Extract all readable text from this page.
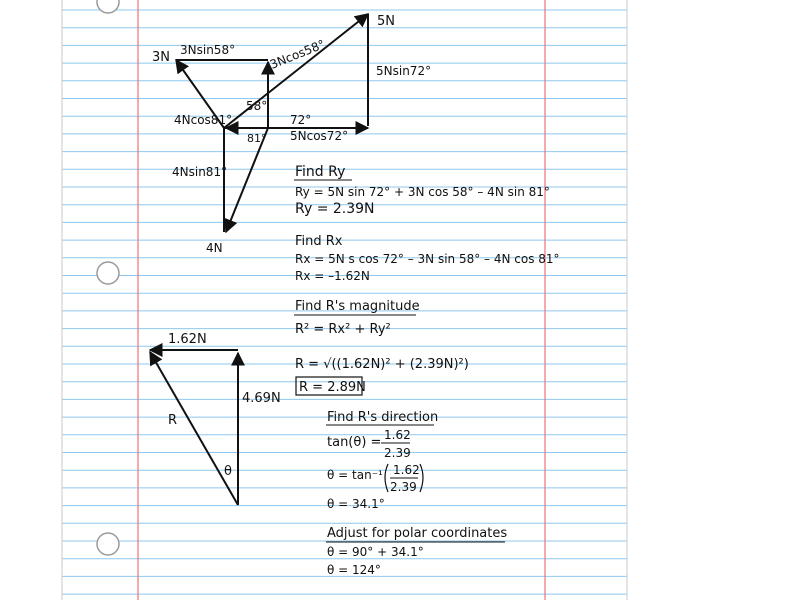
5N
3N 3Nsin58°	3Ncos58°	5Nsin72°
58°
72°
4Ncos81°
81° 5Ncos72°
4Nsin81°
4N
Find Ry
Ry = 5N sin 72° + 3N cos 58° – 4N sin 81°
Ry = 2.39N
Find Rx
Rx = 5N s cos 72° – 3N sin 58° – 4N cos 81°
Rx = –1.62N
Find R's magnitude
R² = Rx² + Ry²
R = √((1.62N)² + (2.39N)²)
R = 2.89N
1.62N
4.69N
R
θ
Find R's direction
tan(θ) = 1.62
2.39
θ = tan⁻¹ 1.62
2.39
θ = 34.1°
Adjust for polar coordinates
θ = 90° + 34.1°
θ = 124°
